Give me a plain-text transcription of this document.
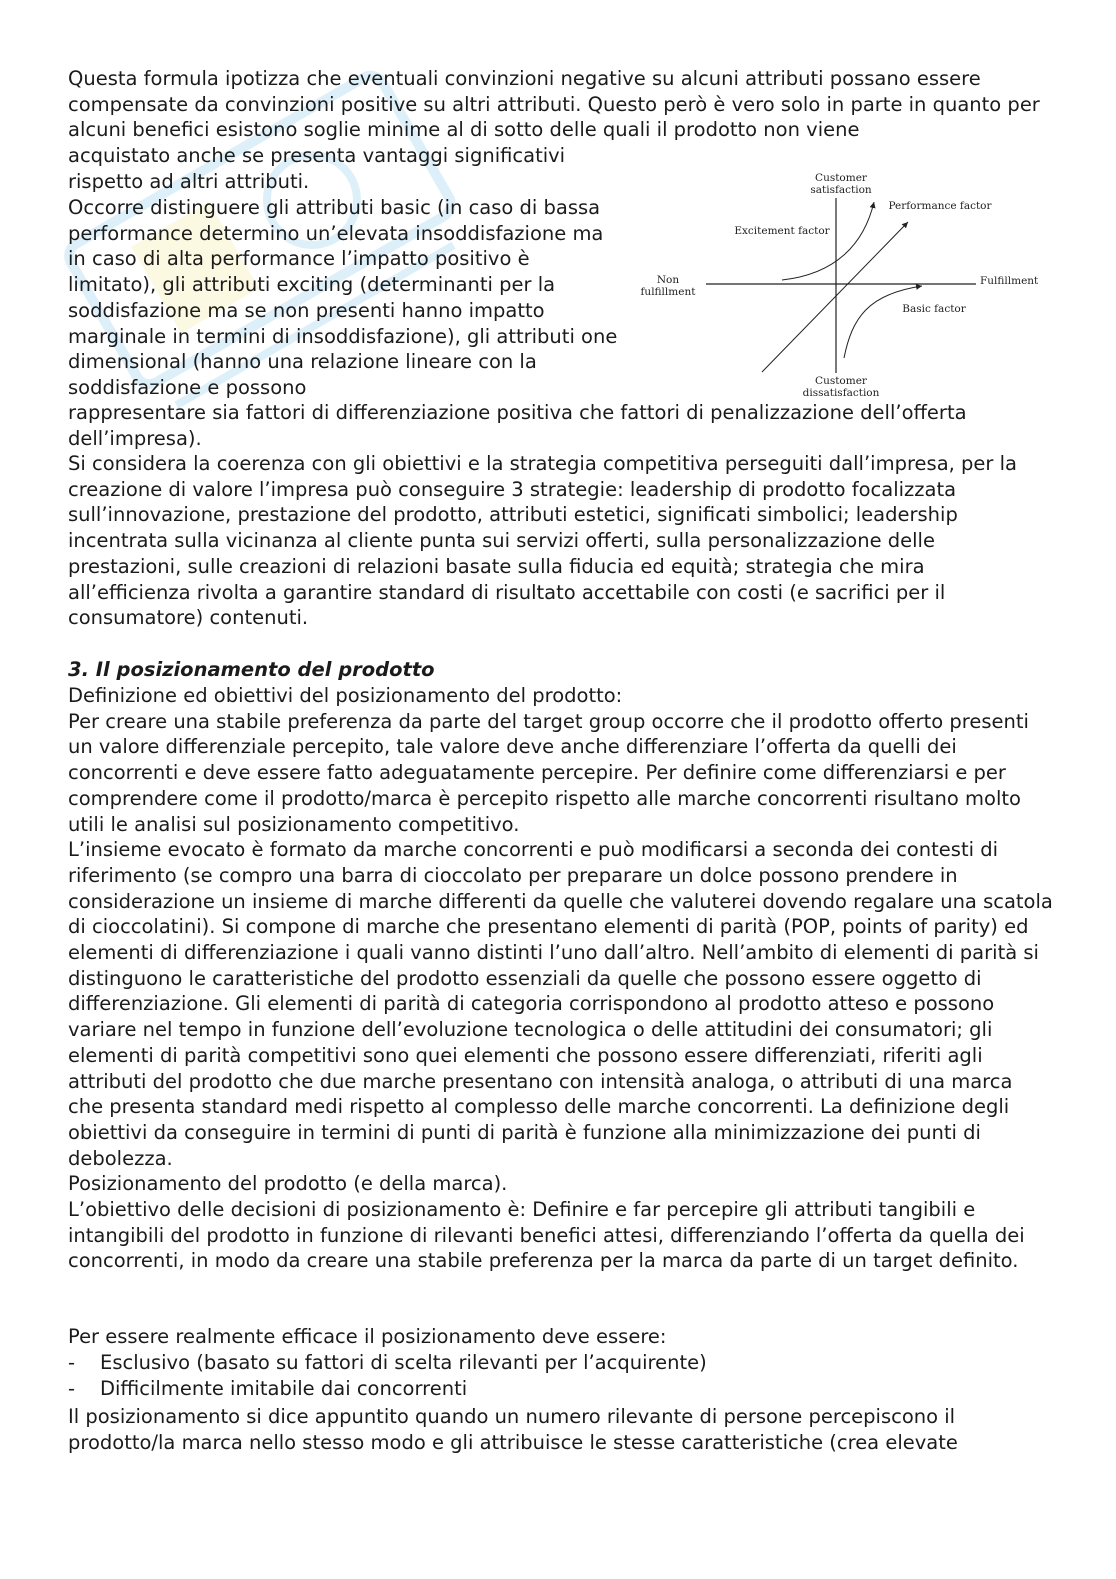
Questa formula ipotizza che eventuali convinzioni negative su alcuni attributi possano essere compensate da convinzioni positive su altri attributi. Questo però è vero solo in parte in quanto per alcuni benefici esistono soglie minime al di sotto delle quali il prodotto non viene

acquistato anche se presenta vantaggi significativi

rispetto ad altri attributi.

Occorre distinguere gli attributi basic (in caso di bassa performance determino un’elevata insoddisfazione ma in caso di alta performance l’impatto positivo è limitato), gli attributi exciting (determinanti per la soddisfazione ma se non presenti hanno impatto marginale in termini di insoddisfazione), gli attributi one dimensional (hanno una relazione lineare con la soddisfazione e possono

rappresentare sia fattori di differenziazione positiva che fattori di penalizzazione dell’offerta dell’impresa).

Si considera la coerenza con gli obiettivi e la strategia competitiva perseguiti dall’impresa, per la creazione di valore l’impresa può conseguire 3 strategie: leadership di prodotto focalizzata sull’innovazione, prestazione del prodotto, attributi estetici, significati simbolici; leadership incentrata sulla vicinanza al cliente punta sui servizi offerti, sulla personalizzazione delle prestazioni, sulle creazioni di relazioni basate sulla fiducia ed equità; strategia che mira all’efficienza rivolta a garantire standard di risultato accettabile con costi (e sacrifici per il consumatore) contenuti.

3. Il posizionamento del prodotto

Definizione ed obiettivi del posizionamento del prodotto:
Per creare una stabile preferenza da parte del target group occorre che il prodotto offerto presenti un valore differenziale percepito, tale valore deve anche differenziare l’offerta da quelli dei concorrenti e deve essere fatto adeguatamente percepire. Per definire come differenziarsi e per comprendere come il prodotto/marca è percepito rispetto alle marche concorrenti risultano molto utili le analisi sul posizionamento competitivo.
L’insieme evocato è formato da marche concorrenti e può modificarsi a seconda dei contesti di riferimento (se compro una barra di cioccolato per preparare un dolce possono prendere in considerazione un insieme di marche differenti da quelle che valuterei dovendo regalare una scatola di cioccolatini). Si compone di marche che presentano elementi di parità (POP, points of parity) ed elementi di differenziazione i quali vanno distinti l’uno dall’altro. Nell’ambito di elementi di parità si distinguono le caratteristiche del prodotto essenziali da quelle che possono essere oggetto di differenziazione. Gli elementi di parità di categoria corrispondono al prodotto atteso e possono variare nel tempo in funzione dell’evoluzione tecnologica o delle attitudini dei consumatori; gli elementi di parità competitivi sono quei elementi che possono essere differenziati, riferiti agli attributi del prodotto che due marche presentano con intensità analoga, o attributi di una marca che presenta standard medi rispetto al complesso delle marche concorrenti. La definizione degli obiettivi da conseguire in termini di punti di parità è funzione alla minimizzazione dei punti di debolezza.
Posizionamento del prodotto (e della marca).
L’obiettivo delle decisioni di posizionamento è: Definire e far percepire gli attributi tangibili e intangibili del prodotto in funzione di rilevanti benefici attesi, differenziando l’offerta da quella dei concorrenti, in modo da creare una stabile preferenza per la marca da parte di un target definito.

Per essere realmente efficace il posizionamento deve essere:

- Esclusivo (basato su fattori di scelta rilevanti per l’acquirente)
- Difficilmente imitabile dai concorrenti

Il posizionamento si dice appuntito quando un numero rilevante di persone percepiscono il prodotto/la marca nello stesso modo e gli attribuisce le stesse caratteristiche (crea elevate

Customer
satisfaction
Customer
dissatisfaction
Non
fulfillment
Fulfillment
Excitement factor
Performance factor
Basic factor
